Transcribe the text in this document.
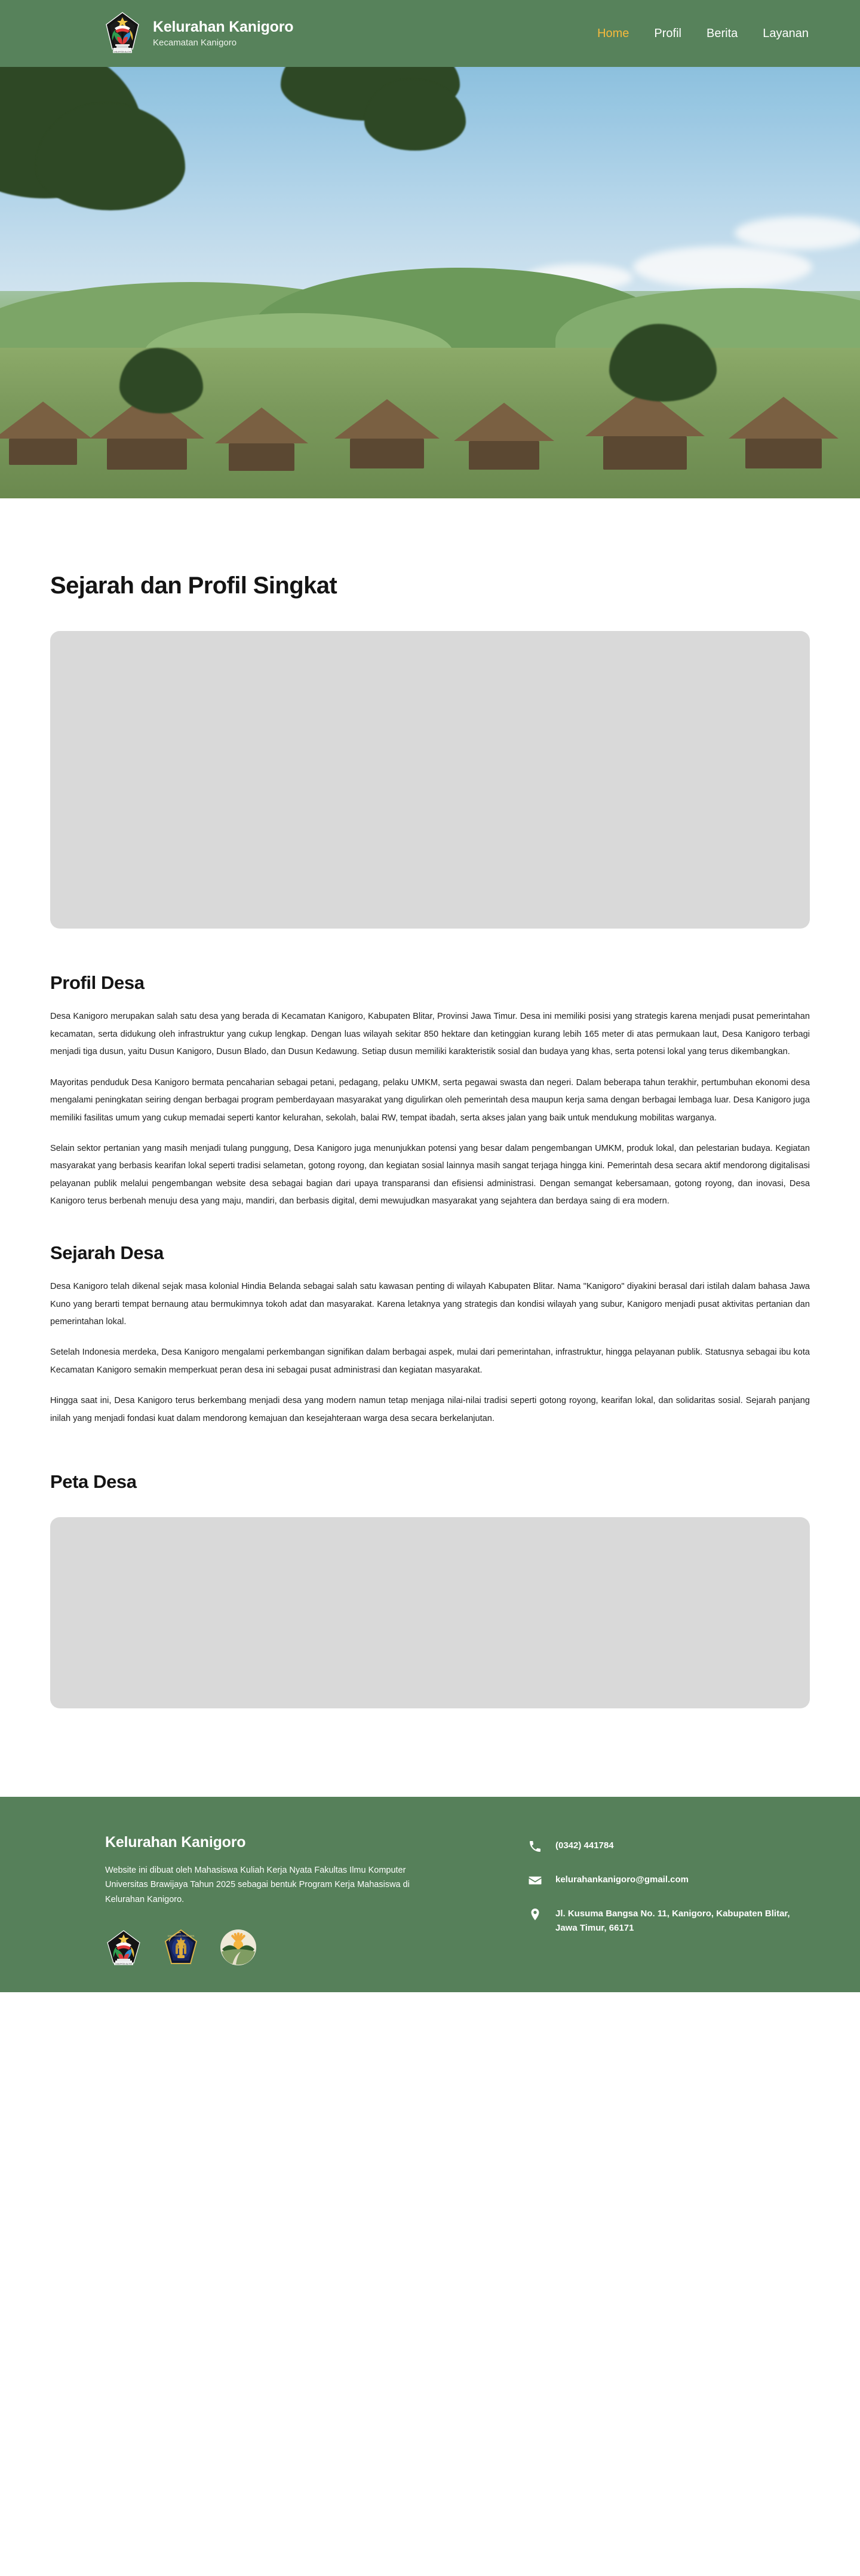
KABUPATEN BLITAR
Kelurahan Kanigoro
Kecamatan Kanigoro
Home Profil Berita Layanan
Sejarah dan Profil Singkat
Profil Desa

Desa Kanigoro merupakan salah satu desa yang berada di Kecamatan Kanigoro, Kabupaten Blitar, Provinsi Jawa Timur. Desa ini memiliki posisi yang strategis karena menjadi pusat pemerintahan kecamatan, serta didukung oleh infrastruktur yang cukup lengkap. Dengan luas wilayah sekitar 850 hektare dan ketinggian kurang lebih 165 meter di atas permukaan laut, Desa Kanigoro terbagi menjadi tiga dusun, yaitu Dusun Kanigoro, Dusun Blado, dan Dusun Kedawung. Setiap dusun memiliki karakteristik sosial dan budaya yang khas, serta potensi lokal yang terus dikembangkan.

Mayoritas penduduk Desa Kanigoro bermata pencaharian sebagai petani, pedagang, pelaku UMKM, serta pegawai swasta dan negeri. Dalam beberapa tahun terakhir, pertumbuhan ekonomi desa mengalami peningkatan seiring dengan berbagai program pemberdayaan masyarakat yang digulirkan oleh pemerintah desa maupun kerja sama dengan berbagai lembaga luar. Desa Kanigoro juga memiliki fasilitas umum yang cukup memadai seperti kantor kelurahan, sekolah, balai RW, tempat ibadah, serta akses jalan yang baik untuk mendukung mobilitas warganya.

Selain sektor pertanian yang masih menjadi tulang punggung, Desa Kanigoro juga menunjukkan potensi yang besar dalam pengembangan UMKM, produk lokal, dan pelestarian budaya. Kegiatan masyarakat yang berbasis kearifan lokal seperti tradisi selametan, gotong royong, dan kegiatan sosial lainnya masih sangat terjaga hingga kini. Pemerintah desa secara aktif mendorong digitalisasi pelayanan publik melalui pengembangan website desa sebagai bagian dari upaya transparansi dan efisiensi administrasi. Dengan semangat kebersamaan, gotong royong, dan inovasi, Desa Kanigoro terus berbenah menuju desa yang maju, mandiri, dan berbasis digital, demi mewujudkan masyarakat yang sejahtera dan berdaya saing di era modern.

Sejarah Desa

Desa Kanigoro telah dikenal sejak masa kolonial Hindia Belanda sebagai salah satu kawasan penting di wilayah Kabupaten Blitar. Nama "Kanigoro" diyakini berasal dari istilah dalam bahasa Jawa Kuno yang berarti tempat bernaung atau bermukimnya tokoh adat dan masyarakat. Karena letaknya yang strategis dan kondisi wilayah yang subur, Kanigoro menjadi pusat aktivitas pertanian dan pemerintahan lokal.

Setelah Indonesia merdeka, Desa Kanigoro mengalami perkembangan signifikan dalam berbagai aspek, mulai dari pemerintahan, infrastruktur, hingga pelayanan publik. Statusnya sebagai ibu kota Kecamatan Kanigoro semakin memperkuat peran desa ini sebagai pusat administrasi dan kegiatan masyarakat.

Hingga saat ini, Desa Kanigoro terus berkembang menjadi desa yang modern namun tetap menjaga nilai-nilai tradisi seperti gotong royong, kearifan lokal, dan solidaritas sosial. Sejarah panjang inilah yang menjadi fondasi kuat dalam mendorong kemajuan dan kesejahteraan warga desa secara berkelanjutan.

Peta Desa
Kelurahan Kanigoro
Website ini dibuat oleh Mahasiswa Kuliah Kerja Nyata Fakultas Ilmu Komputer Universitas Brawijaya Tahun 2025 sebagai bentuk Program Kerja Mahasiswa di Kelurahan Kanigoro.
KABUPATEN BLITAR
UNIVERSITAS BRAWIJAYA
(0342) 441784
kelurahankanigoro@gmail.com
Jl. Kusuma Bangsa No. 11, Kanigoro, Kabupaten Blitar, Jawa Timur, 66171
